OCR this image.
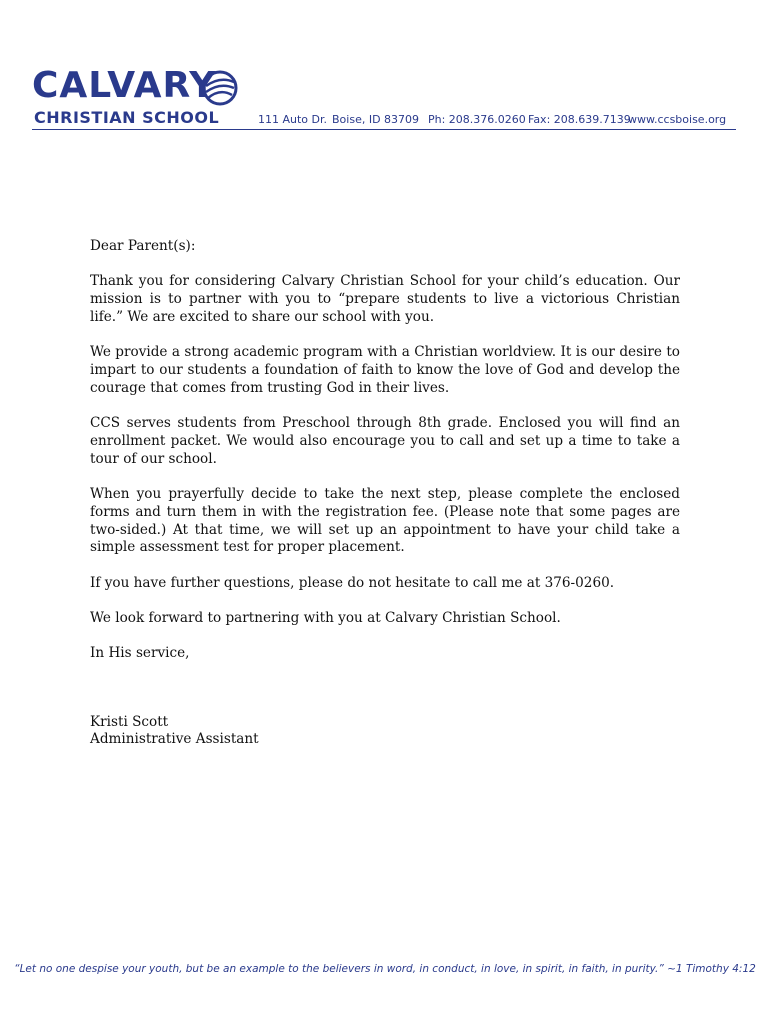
CALVARY
CHRISTIAN SCHOOL	111 Auto Dr. Boise, ID 83709 Ph: 208.376.0260 Fax: 208.639.7139
www.ccsboise.org

Dear Parent(s):

Thank you for considering Calvary Christian School for your child’s education. Our mission is to partner with you to “prepare students to live a victorious Christian life.” We are excited to share our school with you.

We provide a strong academic program with a Christian worldview. It is our desire to impart to our students a foundation of faith to know the love of God and develop the courage that comes from trusting God in their lives.

CCS serves students from Preschool through 8th grade. Enclosed you will find an enrollment packet. We would also encourage you to call and set up a time to take a tour of our school.

When you prayerfully decide to take the next step, please complete the enclosed forms and turn them in with the registration fee. (Please note that some pages are two-sided.) At that time, we will set up an appointment to have your child take a simple assessment test for proper placement.

If you have further questions, please do not hesitate to call me at 376-0260.

We look forward to partnering with you at Calvary Christian School.

In His service,

Kristi Scott

Administrative Assistant

“Let no one despise your youth, but be an example to the believers in word, in conduct, in love, in spirit, in faith, in purity.” ~1 Timothy 4:12
